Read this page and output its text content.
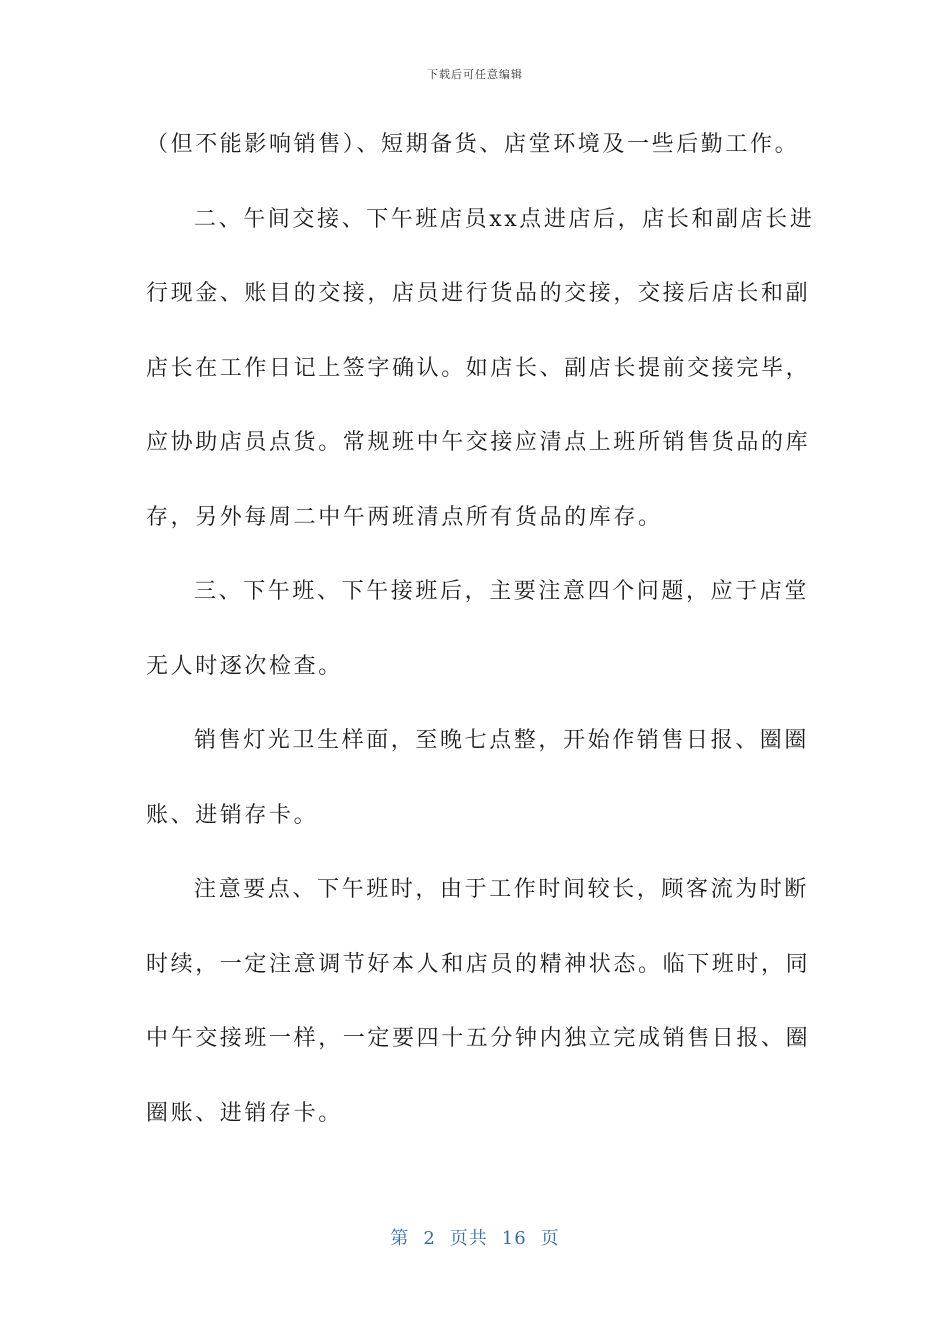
下载后可任意编辑
（但不能影响销售）、短期备货、店堂环境及一些后勤工作。
二、午间交接、下午班店员xx点进店后，店长和副店长进
行现金、账目的交接，店员进行货品的交接，交接后店长和副
店长在工作日记上签字确认。如店长、副店长提前交接完毕，
应协助店员点货。常规班中午交接应清点上班所销售货品的库
存，另外每周二中午两班清点所有货品的库存。
三、下午班、下午接班后，主要注意四个问题，应于店堂
无人时逐次检查。
销售灯光卫生样面，至晚七点整，开始作销售日报、圈圈
账、进销存卡。
注意要点、下午班时，由于工作时间较长，顾客流为时断
时续，一定注意调节好本人和店员的精神状态。临下班时，同
中午交接班一样，一定要四十五分钟内独立完成销售日报、圈
圈账、进销存卡。
第 2 页共 16 页
